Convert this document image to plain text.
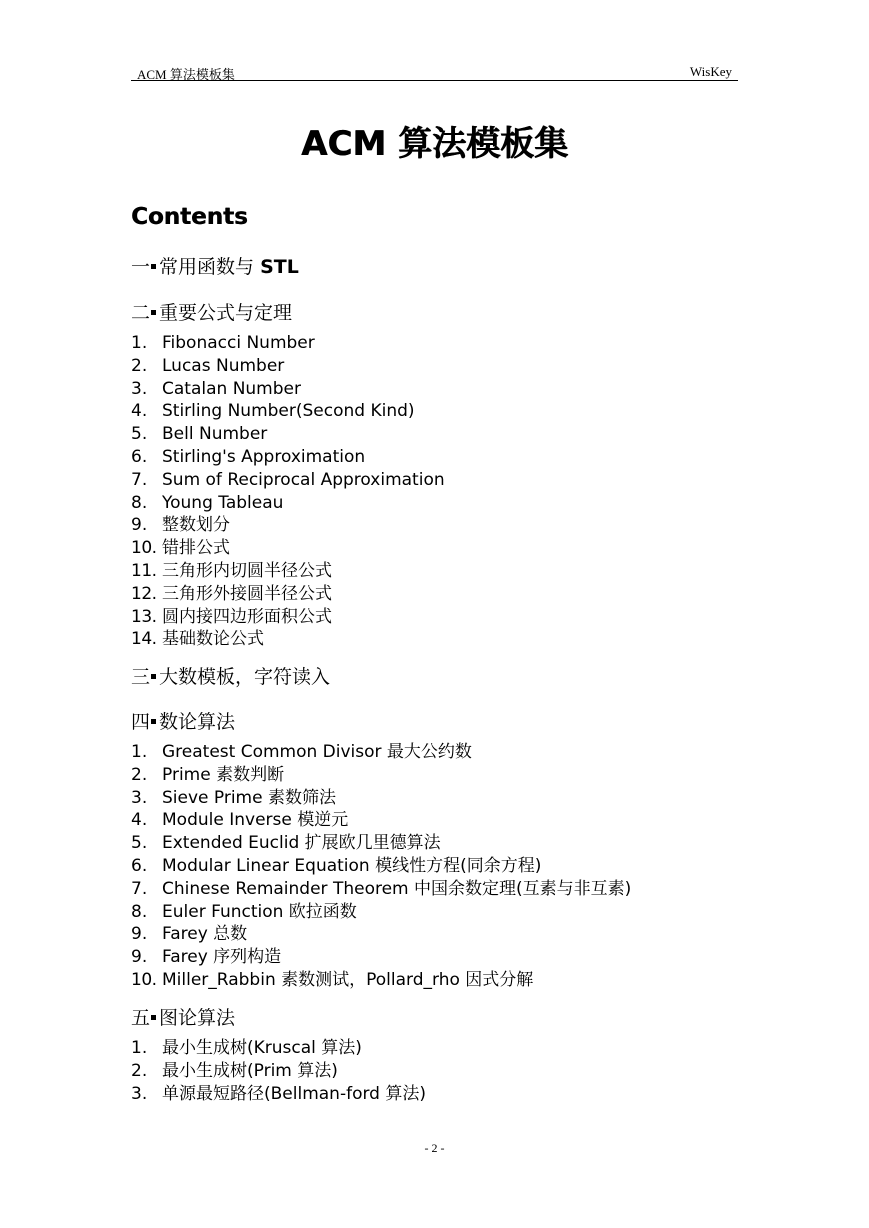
ACM 算法模板集	WisKey
ACM 算法模板集
Contents
一 常用函数与 STL
二 重要公式与定理
1. Fibonacci Number
2. Lucas Number
3. Catalan Number
4. Stirling Number(Second Kind)
5. Bell Number
6. Stirling's Approximation
7. Sum of Reciprocal Approximation
8. Young Tableau
9. 整数划分
10. 错排公式
11. 三角形内切圆半径公式
12. 三角形外接圆半径公式
13. 圆内接四边形面积公式
14. 基础数论公式
三 大数模板，字符读入
四 数论算法
1. Greatest Common Divisor 最大公约数
2. Prime 素数判断
3. Sieve Prime 素数筛法
4. Module Inverse 模逆元
5. Extended Euclid 扩展欧几里德算法
6. Modular Linear Equation 模线性方程(同余方程)
7. Chinese Remainder Theorem 中国余数定理(互素与非互素)
8. Euler Function 欧拉函数
9. Farey 总数
9. Farey 序列构造
10. Miller_Rabbin 素数测试，Pollard_rho 因式分解
五 图论算法
1. 最小生成树(Kruscal 算法)
2. 最小生成树(Prim 算法)
3. 单源最短路径(Bellman-ford 算法)
- 2 -
